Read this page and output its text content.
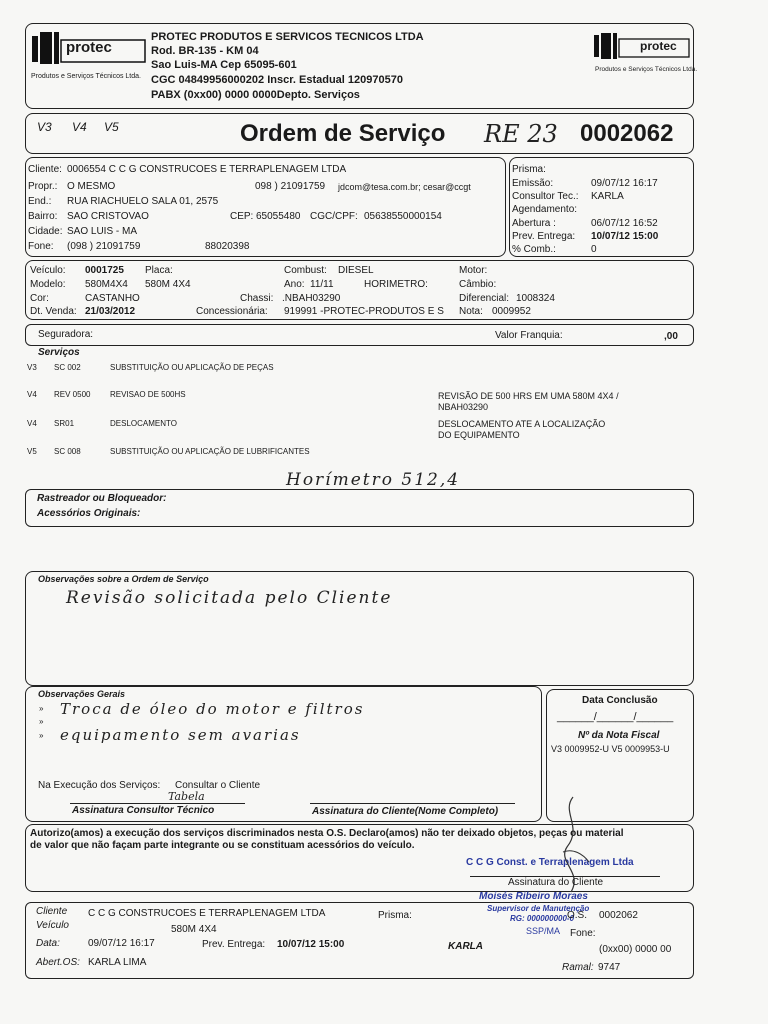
protec
Produtos e Serviços Técnicos Ltda.
PROTEC PRODUTOS E SERVICOS TECNICOS LTDA
Rod. BR-135 - KM 04
Sao Luis-MA Cep 65095-601
CGC 04849956000202 Inscr. Estadual 120970570
PABX (0xx00) 0000 0000Depto. Serviços
protec
Produtos e Serviços Técnicos Ltda.
V3 V4 V5	Ordem de Serviço RE 23 0002062
Cliente: 0006554 C C G CONSTRUCOES E TERRAPLENAGEM LTDA
Propr.: O MESMO	098 ) 21091759 jdcom@tesa.com.br; cesar@ccgt
End.: RUA RIACHUELO SALA 01, 2575
Bairro: SAO CRISTOVAO	CEP: 65055480 CGC/CPF: 05638550000154
Cidade: SAO LUIS - MA
Fone: (098 ) 21091759	88020398
Prisma:
Emissão:	09/07/12 16:17
Consultor Tec.: KARLA
Agendamento:
Abertura :	06/07/12 16:52
Prev. Entrega: 10/07/12 15:00
% Comb.:	0
Veículo: 0001725 Placa:	Combust: DIESEL	Motor:
Modelo: 580M4X4 580M 4X4	Ano: 11/11	HORIMETRO:	Câmbio:
Cor:	CASTANHO	Chassi: .NBAH03290	Diferencial: 1008324
Dt. Venda: 21/03/2012	Concessionária: 919991 -PROTEC-PRODUTOS E S Nota: 0009952
Seguradora:	Valor Franquia:	,00
Serviços
V3 SC 002	SUBSTITUIÇÃO OU APLICAÇÃO DE PEÇAS
V4 REV 0500 REVISAO DE 500HS	REVISÃO DE 500 HRS EM UMA 580M 4X4 /
NBAH03290
V4 SR01	DESLOCAMENTO	DESLOCAMENTO ATE A LOCALIZAÇÃO
DO EQUIPAMENTO
V5 SC 008	SUBSTITUIÇÃO OU APLICAÇÃO DE LUBRIFICANTES
Horímetro 512,4
Rastreador ou Bloqueador:
Acessórios Originais:
Observações sobre a Ordem de Serviço
Revisão solicitada pelo Cliente
Observações Gerais
»
»
»
Troca de óleo do motor e filtros
equipamento sem avarias
Na Execução dos Serviços: Consultar o Cliente
Tabela
Assinatura Consultor Técnico	Assinatura do Cliente(Nome Completo)
Data Conclusão
______/______/______
Nº da Nota Fiscal
V3 0009952-U V5 0009953-U
Autorizo(amos) a execução dos serviços discriminados nesta O.S. Declaro(amos) não ter deixado objetos, peças ou material
de valor que não façam parte integrante ou se constituam acessórios do veículo.
C C G Const. e Terraplenagem Ltda
Assinatura do Cliente
Moisés Ribeiro Moraes
Supervisor de Manutenção
RG: 000000000-0
SSP/MA
Cliente C C G CONSTRUCOES E TERRAPLENAGEM LTDA	Prisma:	O.S. 0002062
Veículo	580M 4X4
Data:	09/07/12 16:17	Prev. Entrega: 10/07/12 15:00	KARLA
Fone:
(0xx00) 0000 00
Abert.OS: KARLA LIMA	Ramal: 9747
